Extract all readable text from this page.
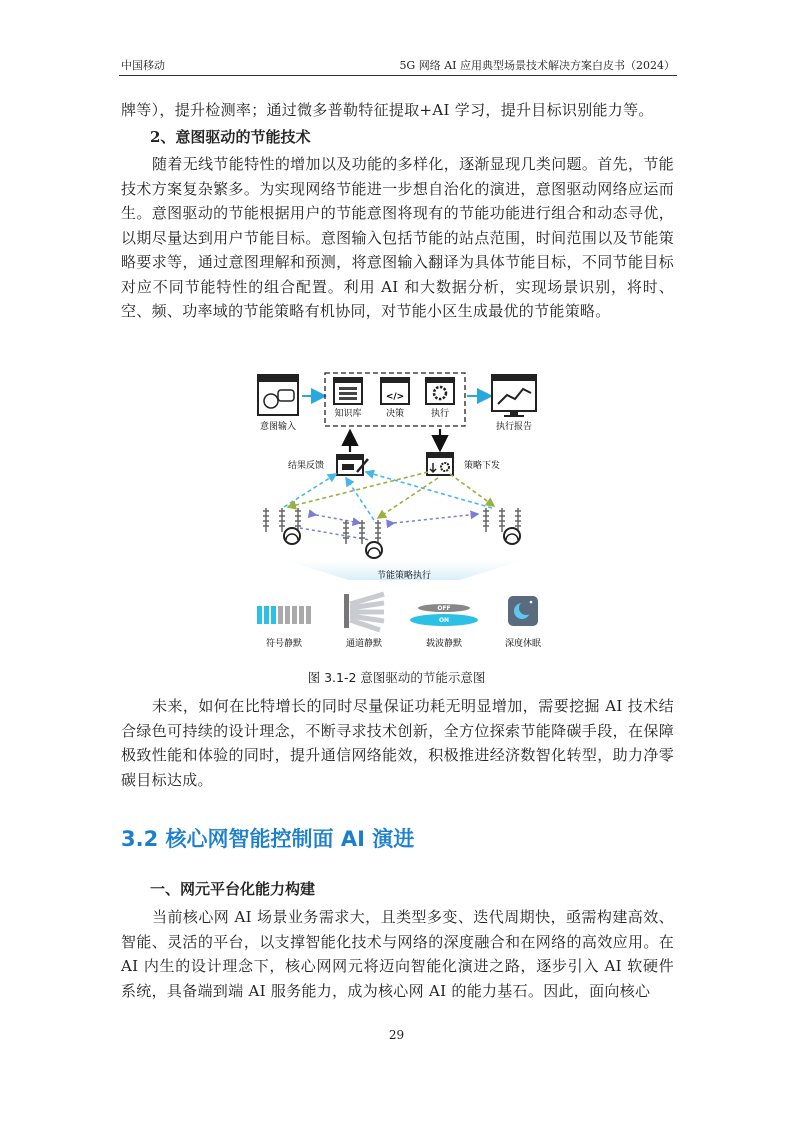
中国移动	5G 网络 AI 应用典型场景技术解决方案白皮书（2024）
牌等），提升检测率；通过微多普勒特征提取+AI 学习，提升目标识别能力等。
2、意图驱动的节能技术
随着无线节能特性的增加以及功能的多样化，逐渐显现几类问题。首先，节能技术方案复杂繁多。为实现网络节能进一步想自治化的演进，意图驱动网络应运而生。意图驱动的节能根据用户的节能意图将现有的节能功能进行组合和动态寻优，以期尽量达到用户节能目标。意图输入包括节能的站点范围，时间范围以及节能策略要求等，通过意图理解和预测，将意图输入翻译为具体节能目标，不同节能目标对应不同节能特性的组合配置。利用 AI 和大数据分析，实现场景识别，将时、空、频、功率域的节能策略有机协同，对节能小区生成最优的节能策略。
意图输入
知识库
</>
决策	执行
执行报告
结果反馈	策略下发
节能策略执行
符号静默	通道静默
OFF
ON
载波静默	深度休眠
图 3.1-2 意图驱动的节能示意图
未来，如何在比特增长的同时尽量保证功耗无明显增加，需要挖掘 AI 技术结合绿色可持续的设计理念，不断寻求技术创新，全方位探索节能降碳手段，在保障极致性能和体验的同时，提升通信网络能效，积极推进经济数智化转型，助力净零碳目标达成。
3.2 核心网智能控制面 AI 演进
一、网元平台化能力构建
当前核心网 AI 场景业务需求大，且类型多变、迭代周期快，亟需构建高效、智能、灵活的平台，以支撑智能化技术与网络的深度融合和在网络的高效应用。在 AI 内生的设计理念下，核心网网元将迈向智能化演进之路，逐步引入 AI 软硬件系统，具备端到端 AI 服务能力，成为核心网 AI 的能力基石。因此，面向核心
29
